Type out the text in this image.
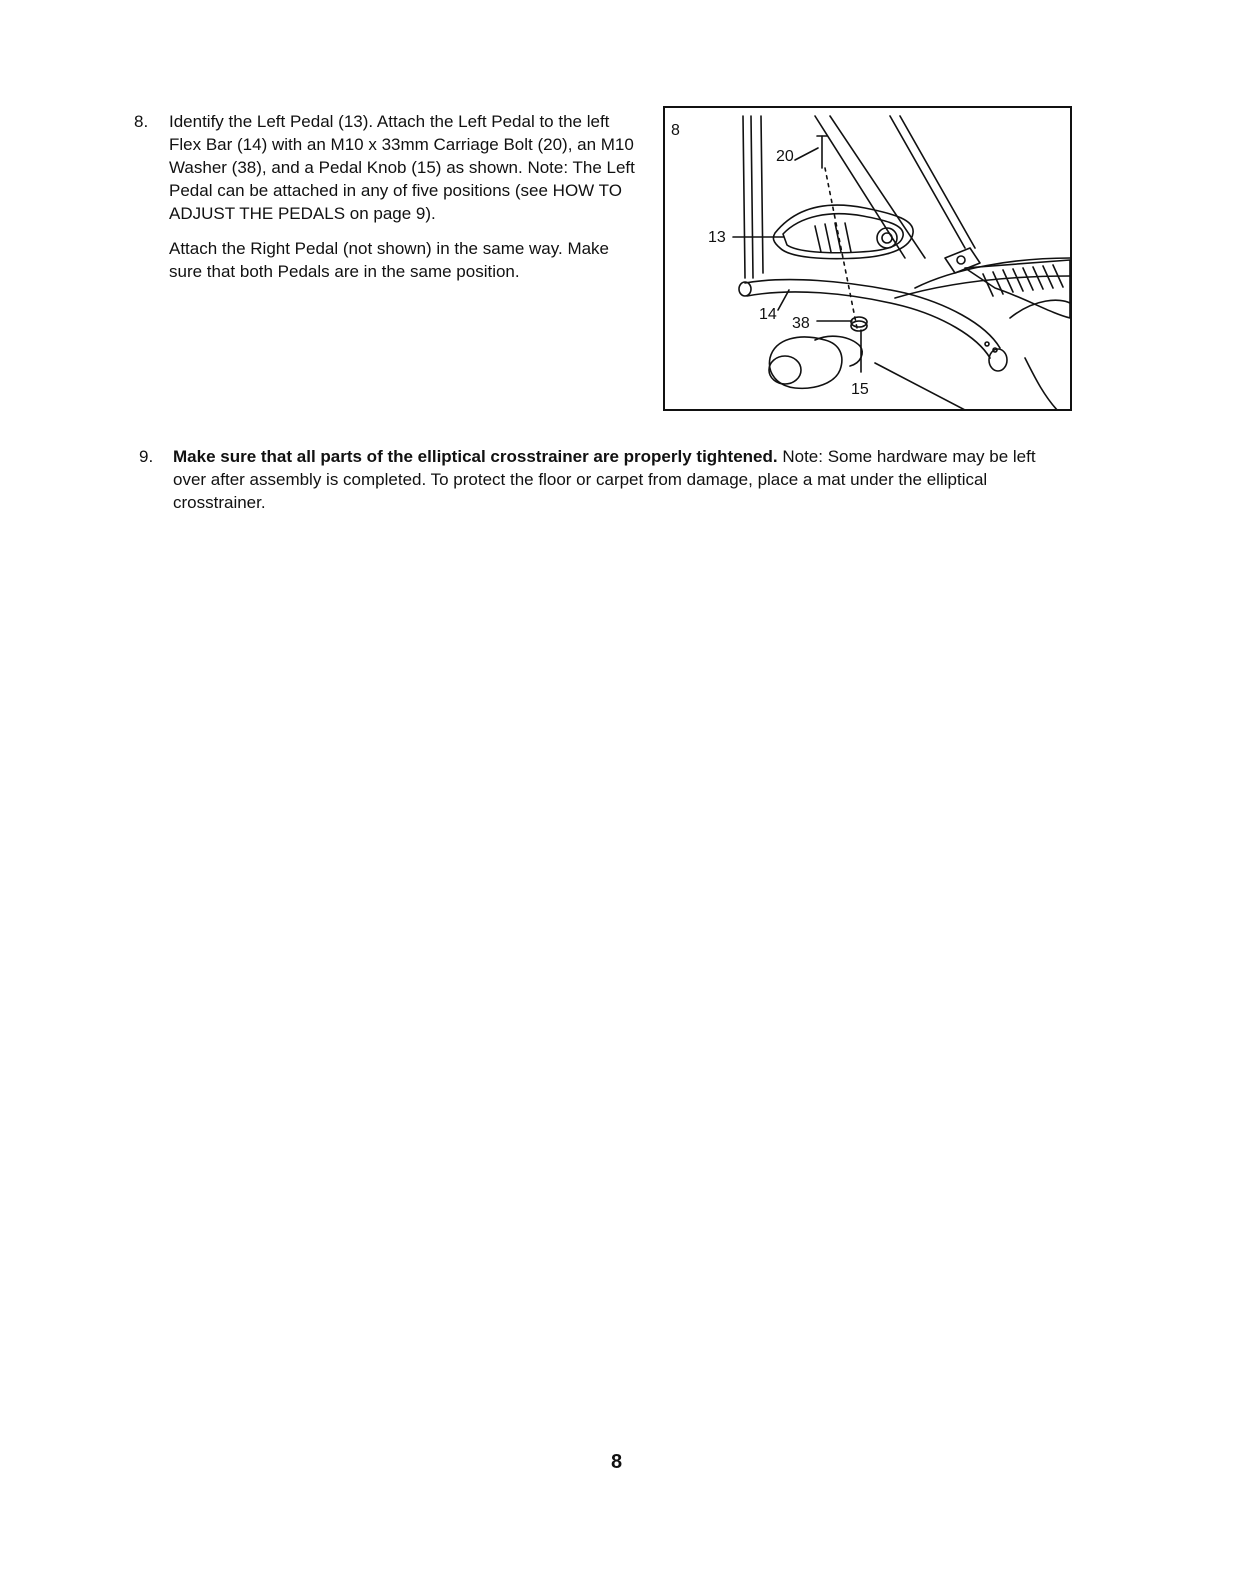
8. Identify the Left Pedal (13). Attach the Left Pedal to the left Flex Bar (14) with an M10 x 33mm Carriage Bolt (20), an M10 Washer (38), and a Pedal Knob (15) as shown. Note: The Left Pedal can be attached in any of five positions (see HOW TO ADJUST THE PEDALS on page 9).

Attach the Right Pedal (not shown) in the same way. Make sure that both Pedals are in the same position.

8
20
13
14
38
15
9. Make sure that all parts of the elliptical crosstrainer are properly tightened. Note: Some hardware may be left over after assembly is completed. To protect the floor or carpet from damage, place a mat under the elliptical crosstrainer.

8
